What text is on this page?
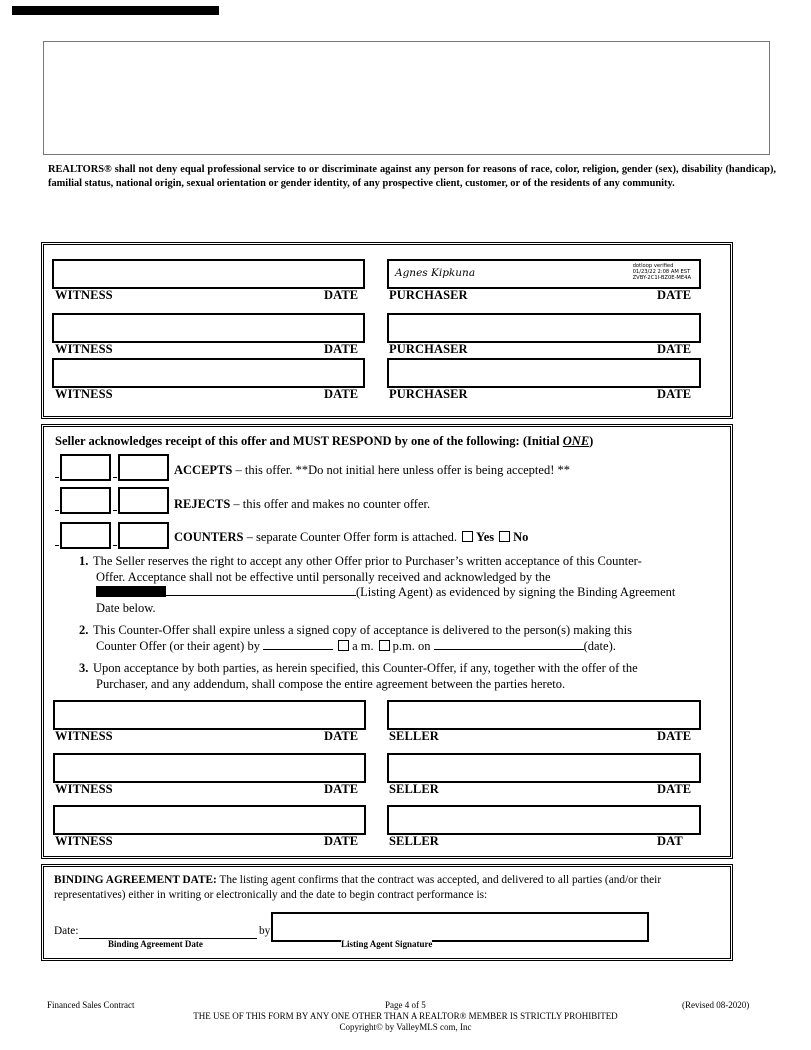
REALTORS® shall not deny equal professional service to or discriminate against any person for reasons of race, color, religion, gender (sex), disability (handicap), familial status, national origin, sexual orientation or gender identity, of any prospective client, customer, or of the residents of any community.
Agnes Kipkuna
dotloop verified
01/23/22 2:08 AM EST
ZVBY-2C1I-BZ0E-ME4A
WITNESS	DATE PURCHASER	DATE
WITNESS	DATE PURCHASER	DATE
WITNESS	DATE PURCHASER	DATE
Seller acknowledges receipt of this offer and MUST RESPOND by one of the following: (Initial ONE)
ACCEPTS – this offer. **Do not initial here unless offer is being accepted! **
REJECTS – this offer and makes no counter offer.
COUNTERS – separate Counter Offer form is attached. Yes No
1. The Seller reserves the right to accept any other Offer prior to Purchaser’s written acceptance of this Counter-
Offer. Acceptance shall not be effective until personally received and acknowledged by the
(Listing Agent) as evidenced by signing the Binding Agreement
Date below.
2. This Counter-Offer shall expire unless a signed copy of acceptance is delivered to the person(s) making this
Counter Offer (or their agent) by	a m. p.m. on	(date).
3. Upon acceptance by both parties, as herein specified, this Counter-Offer, if any, together with the offer of the
Purchaser, and any addendum, shall compose the entire agreement between the parties hereto.
WITNESS	DATE SELLER	DATE
WITNESS	DATE SELLER	DATE
WITNESS	DATE SELLER	DAT
BINDING AGREEMENT DATE: The listing agent confirms that the contract was accepted, and delivered to all parties (and/or their representatives) either in writing or electronically and the date to begin contract performance is:
Date:	by
Binding Agreement Date	Listing Agent Signature
Financed Sales Contract	Page 4 of 5	(Revised 08-2020)
THE USE OF THIS FORM BY ANY ONE OTHER THAN A REALTOR® MEMBER IS STRICTLY PROHIBITED
Copyright© by ValleyMLS com, Inc
